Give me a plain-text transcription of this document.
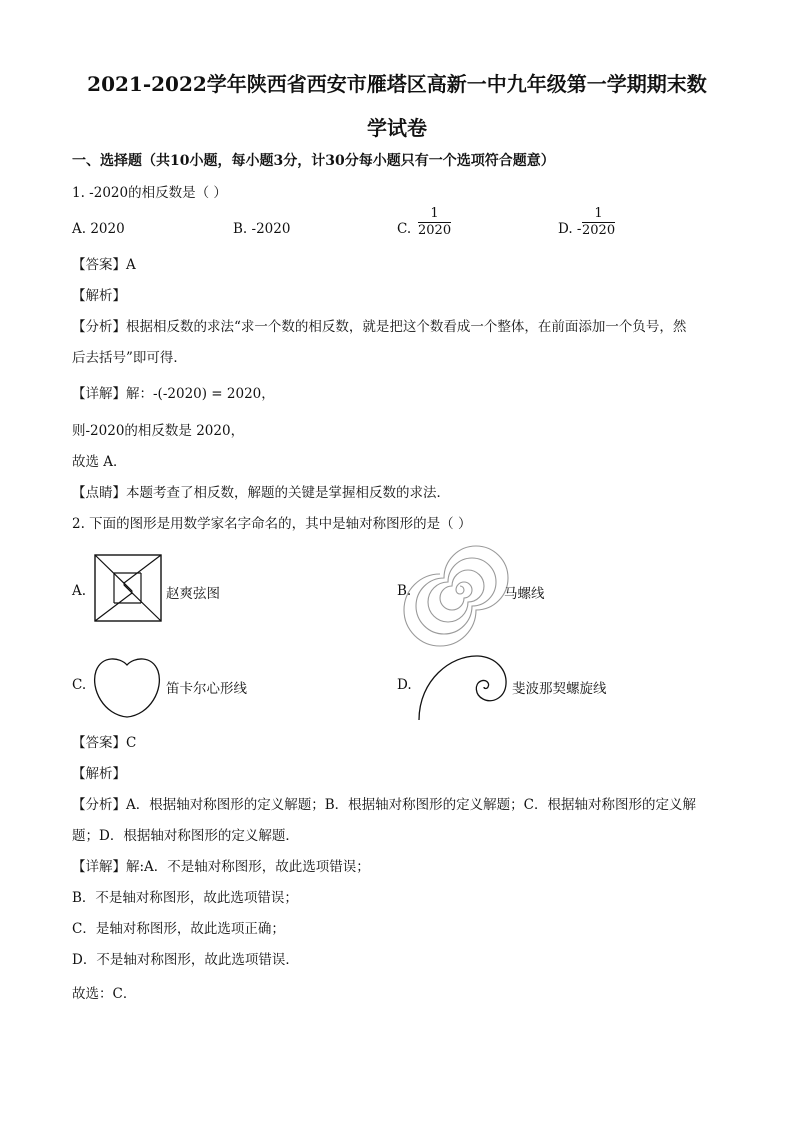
2021-2022学年陕西省西安市雁塔区高新一中九年级第一学期期末数
学试卷
一、选择题（共10小题，每小题3分，计30分每小题只有一个选项符合题意）
1. -2020的相反数是（ ）
A. 2020	B. -2020	C. $\frac{1}{2020}$	D. - $\frac{1}{2020}$
【答案】A
【解析】
【分析】根据相反数的求法“求一个数的相反数，就是把这个数看成一个整体，在前面添加一个负号，然
后去括号”即可得．
【详解】解：-(-2020) = 2020，
则-2020的相反数是 2020，
故选 A．
【点睛】本题考查了相反数，解题的关键是掌握相反数的求法．
2. 下面的图形是用数学家名字命名的，其中是轴对称图形的是（ ）
A.	赵爽弦图	B.	马螺线
C.	笛卡尔心形线	D.	斐波那契螺旋线
【答案】C
【解析】
【分析】A．根据轴对称图形的定义解题；B．根据轴对称图形的定义解题；C．根据轴对称图形的定义解
题；D．根据轴对称图形的定义解题．
【详解】解:A．不是轴对称图形，故此选项错误；
B．不是轴对称图形，故此选项错误；
C．是轴对称图形，故此选项正确；
D．不是轴对称图形，故此选项错误．
故选：C．
